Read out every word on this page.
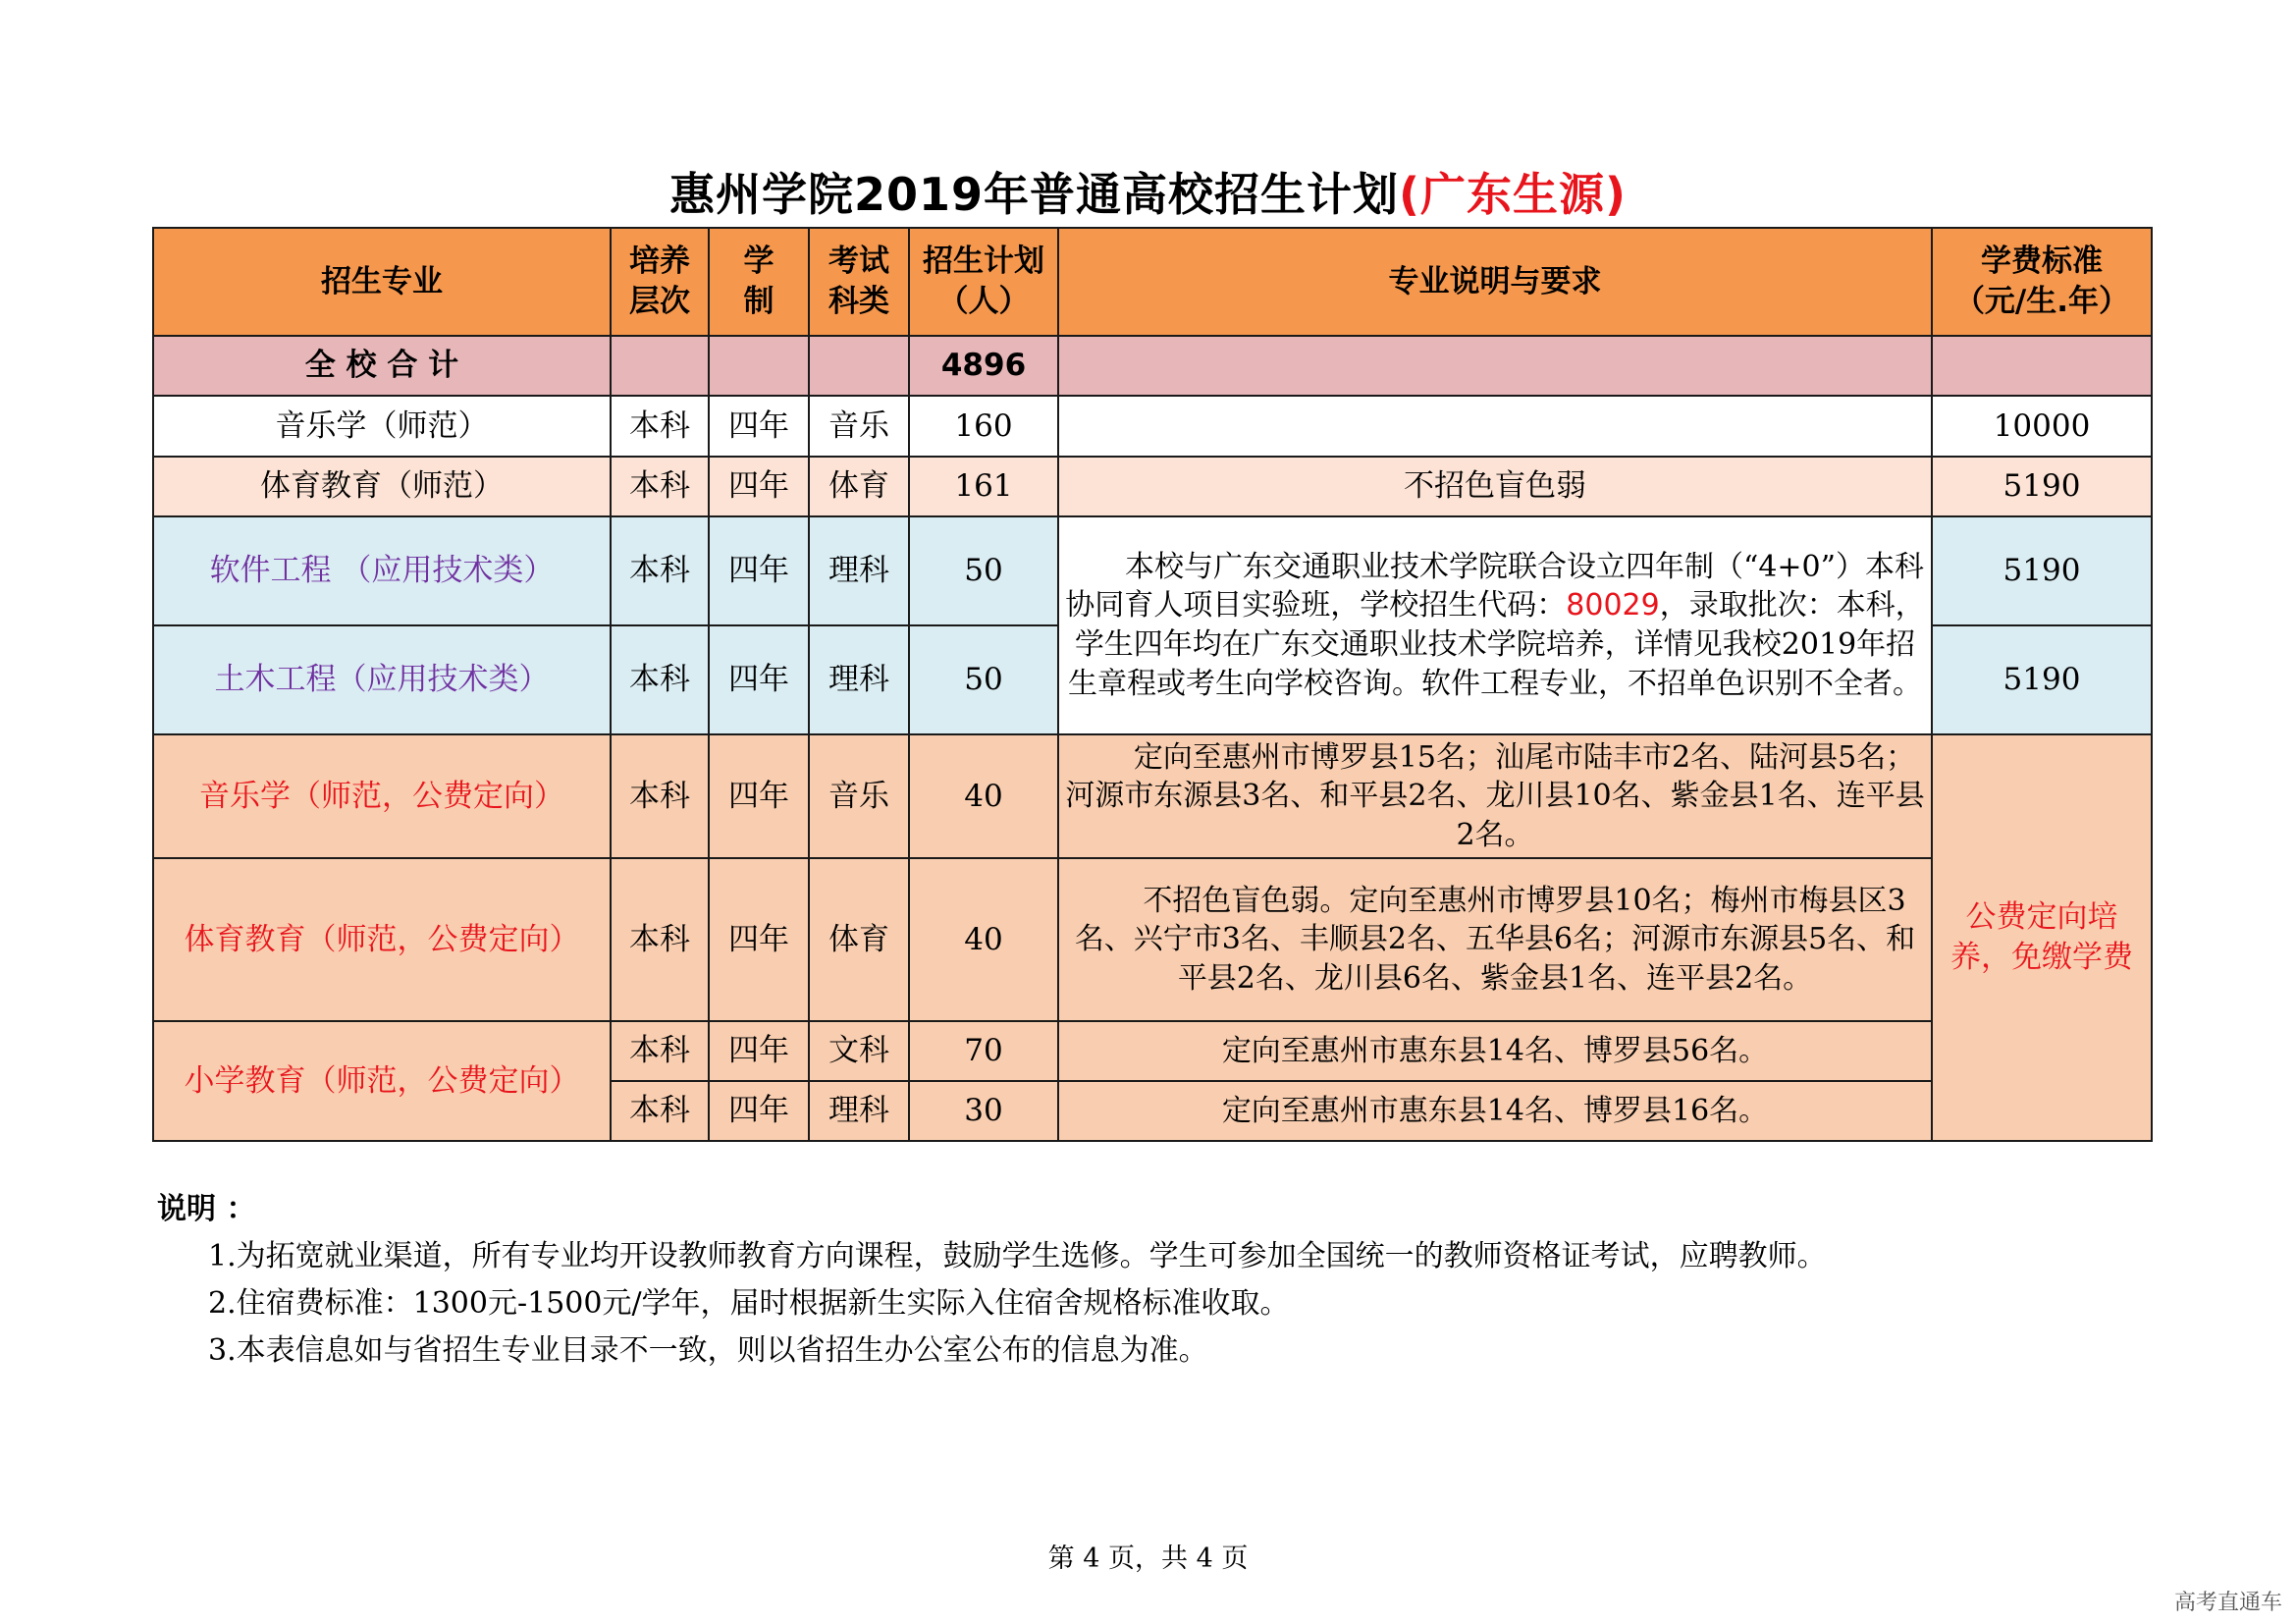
惠州学院2019年普通高校招生计划(广东生源)
招生专业	培养层次	学制	考试科类	招生计划（人）	专业说明与要求	学费标准（元/生.年）
全 校 合 计				4896		
音乐学（师范）	本科	四年	音乐	160		10000
体育教育（师范）	本科	四年	体育	161	不招色盲色弱	5190
软件工程 （应用技术类）	本科	四年	理科	50	本校与广东交通职业技术学院联合设立四年制（“4+0”）本科协同育人项目实验班，学校招生代码：80029，录取批次：本科，学生四年均在广东交通职业技术学院培养，详情见我校2019年招生章程或考生向学校咨询。软件工程专业，不招单色识别不全者。	5190
土木工程（应用技术类）	本科	四年	理科	50		5190
音乐学（师范，公费定向）	本科	四年	音乐	40	定向至惠州市博罗县15名；汕尾市陆丰市2名、陆河县5名；河源市东源县3名、和平县2名、龙川县10名、紫金县1名、连平县2名。	公费定向培养，免缴学费
体育教育（师范，公费定向）	本科	四年	体育	40	不招色盲色弱。定向至惠州市博罗县10名；梅州市梅县区3名、兴宁市3名、丰顺县2名、五华县6名；河源市东源县5名、和平县2名、龙川县6名、紫金县1名、连平县2名。	
小学教育（师范，公费定向）	本科	四年	文科	70	定向至惠州市惠东县14名、博罗县56名。	
	本科	四年	理科	30	定向至惠州市惠东县14名、博罗县16名。	
说明 ：
1.为拓宽就业渠道，所有专业均开设教师教育方向课程，鼓励学生选修。学生可参加全国统一的教师资格证考试，应聘教师。
2.住宿费标准：1300元-1500元/学年，届时根据新生实际入住宿舍规格标准收取。
3.本表信息如与省招生专业目录不一致，则以省招生办公室公布的信息为准。
第 4 页，共 4 页
高考直通车
